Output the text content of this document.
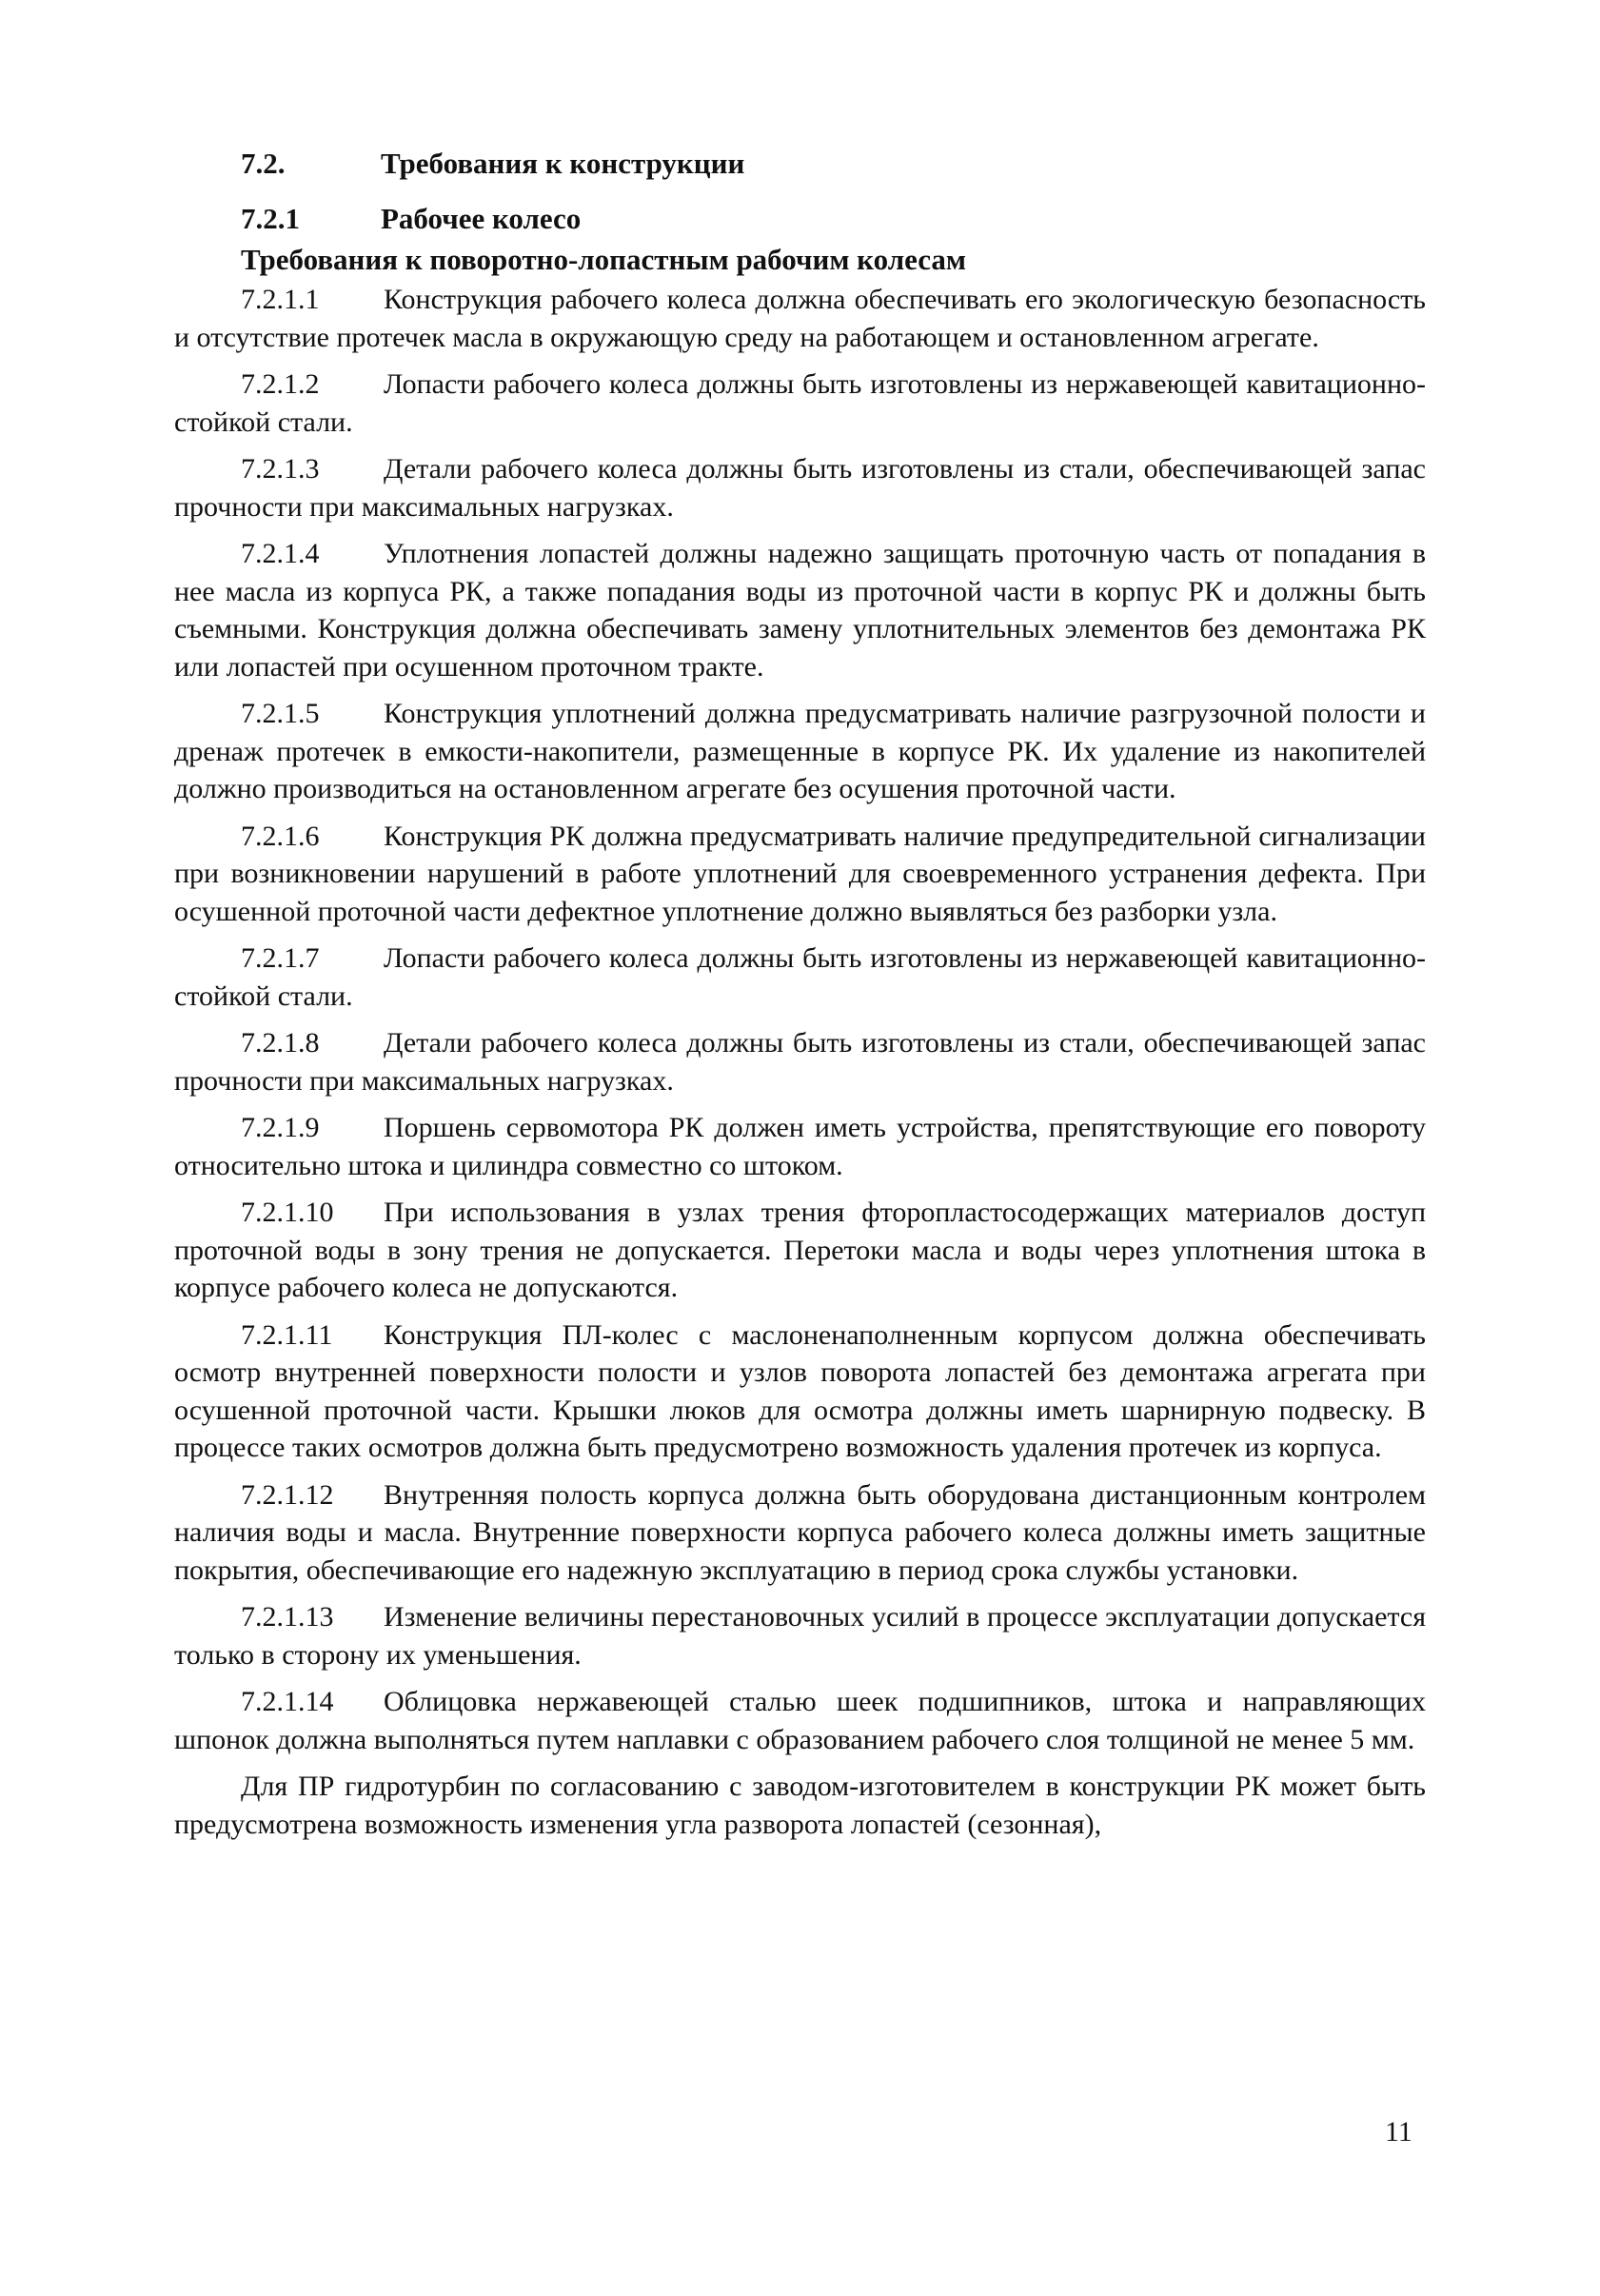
7.2.	Требования к конструкции
7.2.1	Рабочее колесо

Требования к поворотно-лопастным рабочим колесам

7.2.1.1 Конструкция рабочего колеса должна обеспечивать его экологическую безопасность и отсутствие протечек масла в окружающую среду на работающем и остановленном агрегате.

7.2.1.2 Лопасти рабочего колеса должны быть изготовлены из нержавеющей кавитационно-стойкой стали.

7.2.1.3 Детали рабочего колеса должны быть изготовлены из стали, обеспечивающей запас прочности при максимальных нагрузках.

7.2.1.4 Уплотнения лопастей должны надежно защищать проточную часть от попадания в нее масла из корпуса РК, а также попадания воды из проточной части в корпус РК и должны быть съемными. Конструкция должна обеспечивать замену уплотнительных элементов без демонтажа РК или лопастей при осушенном проточном тракте.

7.2.1.5 Конструкция уплотнений должна предусматривать наличие разгрузочной полости и дренаж протечек в емкости-накопители, размещенные в корпусе РК. Их удаление из накопителей должно производиться на остановленном агрегате без осушения проточной части.

7.2.1.6 Конструкция РК должна предусматривать наличие предупредительной сигнализации при возникновении нарушений в работе уплотнений для своевременного устранения дефекта. При осушенной проточной части дефектное уплотнение должно выявляться без разборки узла.

7.2.1.7 Лопасти рабочего колеса должны быть изготовлены из нержавеющей кавитационно-стойкой стали.

7.2.1.8 Детали рабочего колеса должны быть изготовлены из стали, обеспечивающей запас прочности при максимальных нагрузках.

7.2.1.9 Поршень сервомотора РК должен иметь устройства, препятствующие его повороту относительно штока и цилиндра совместно со штоком.

7.2.1.10 При использования в узлах трения фторопластосодержащих материалов доступ проточной воды в зону трения не допускается. Перетоки масла и воды через уплотнения штока в корпусе рабочего колеса не допускаются.

7.2.1.11 Конструкция ПЛ-колес с маслоненаполненным корпусом должна обеспечивать осмотр внутренней поверхности полости и узлов поворота лопастей без демонтажа агрегата при осушенной проточной части. Крышки люков для осмотра должны иметь шарнирную подвеску. В процессе таких осмотров должна быть предусмотрено возможность удаления протечек из корпуса.

7.2.1.12 Внутренняя полость корпуса должна быть оборудована дистанционным контролем наличия воды и масла. Внутренние поверхности корпуса рабочего колеса должны иметь защитные покрытия, обеспечивающие его надежную эксплуатацию в период срока службы установки.

7.2.1.13 Изменение величины перестановочных усилий в процессе эксплуатации допускается только в сторону их уменьшения.

7.2.1.14 Облицовка нержавеющей сталью шеек подшипников, штока и направляющих шпонок должна выполняться путем наплавки с образованием рабочего слоя толщиной не менее 5 мм.

Для ПР гидротурбин по согласованию с заводом-изготовителем в конструкции РК может быть предусмотрена возможность изменения угла разворота лопастей (сезонная),

11
